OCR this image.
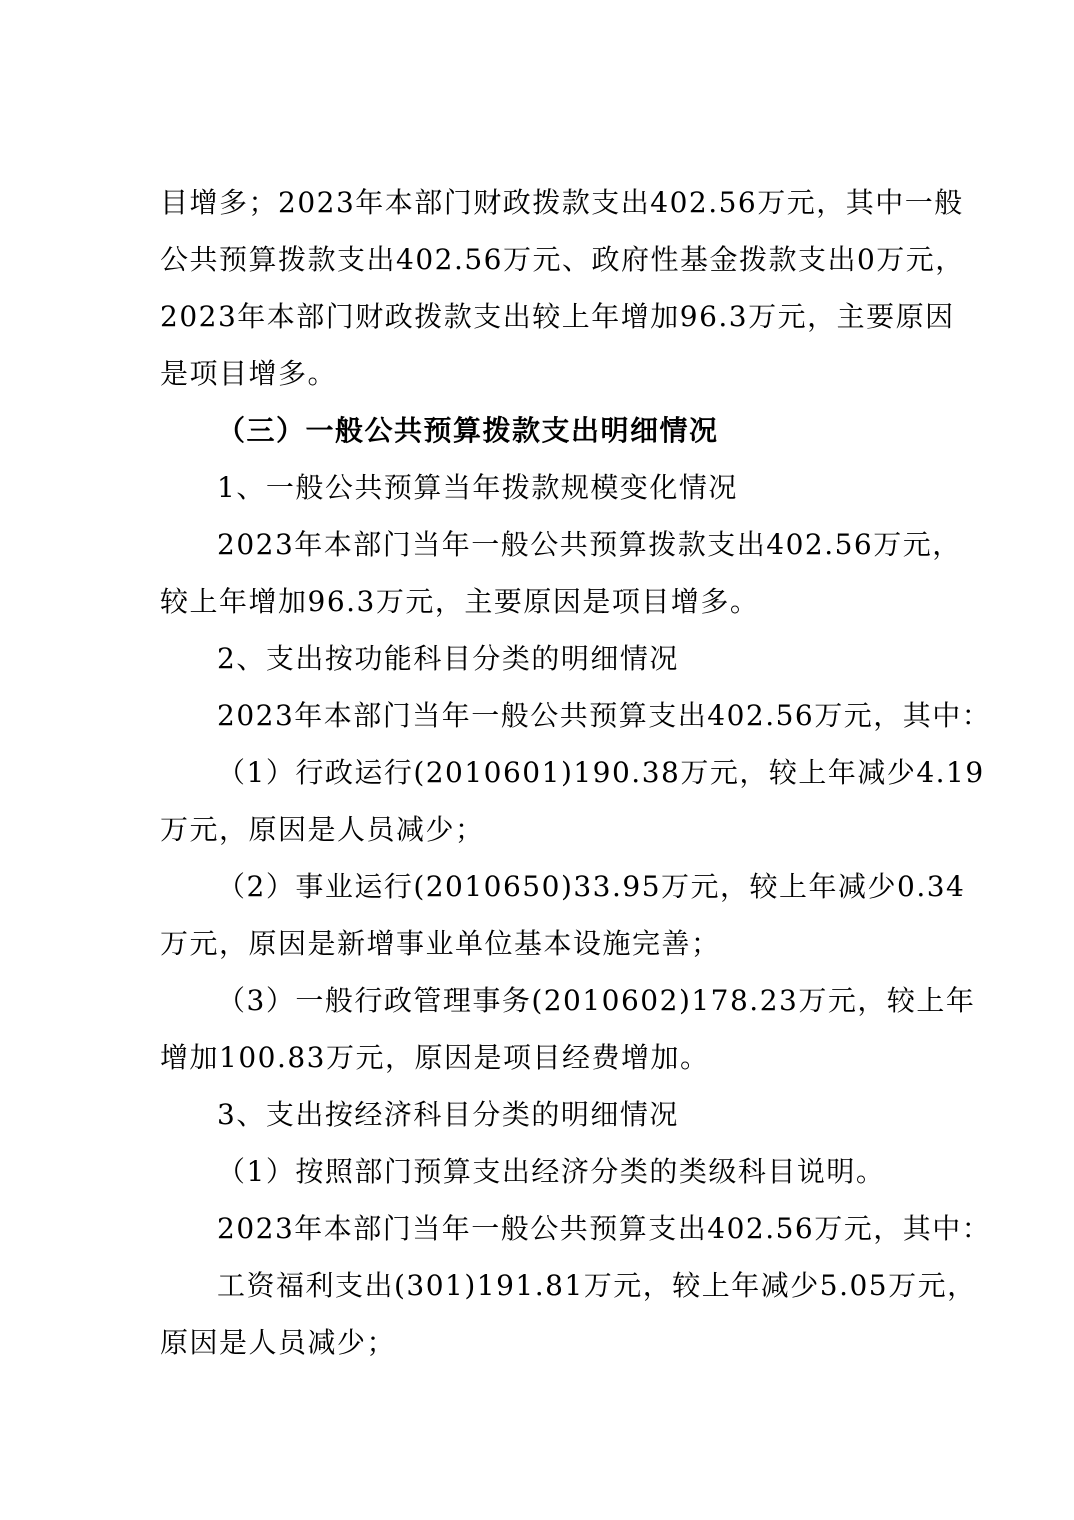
目增多；2023年本部门财政拨款支出402.56万元，其中一般
公共预算拨款支出402.56万元、政府性基金拨款支出0万元，
2023年本部门财政拨款支出较上年增加96.3万元，主要原因
是项目增多。
（三）一般公共预算拨款支出明细情况
1、一般公共预算当年拨款规模变化情况
2023年本部门当年一般公共预算拨款支出402.56万元，
较上年增加96.3万元，主要原因是项目增多。
2、支出按功能科目分类的明细情况
2023年本部门当年一般公共预算支出402.56万元，其中：
（1）行政运行(2010601)190.38万元，较上年减少4.19
万元，原因是人员减少；
（2）事业运行(2010650)33.95万元，较上年减少0.34
万元，原因是新增事业单位基本设施完善；
（3）一般行政管理事务(2010602)178.23万元，较上年
增加100.83万元，原因是项目经费增加。
3、支出按经济科目分类的明细情况
（1）按照部门预算支出经济分类的类级科目说明。
2023年本部门当年一般公共预算支出402.56万元，其中：
工资福利支出(301)191.81万元，较上年减少5.05万元，
原因是人员减少；
